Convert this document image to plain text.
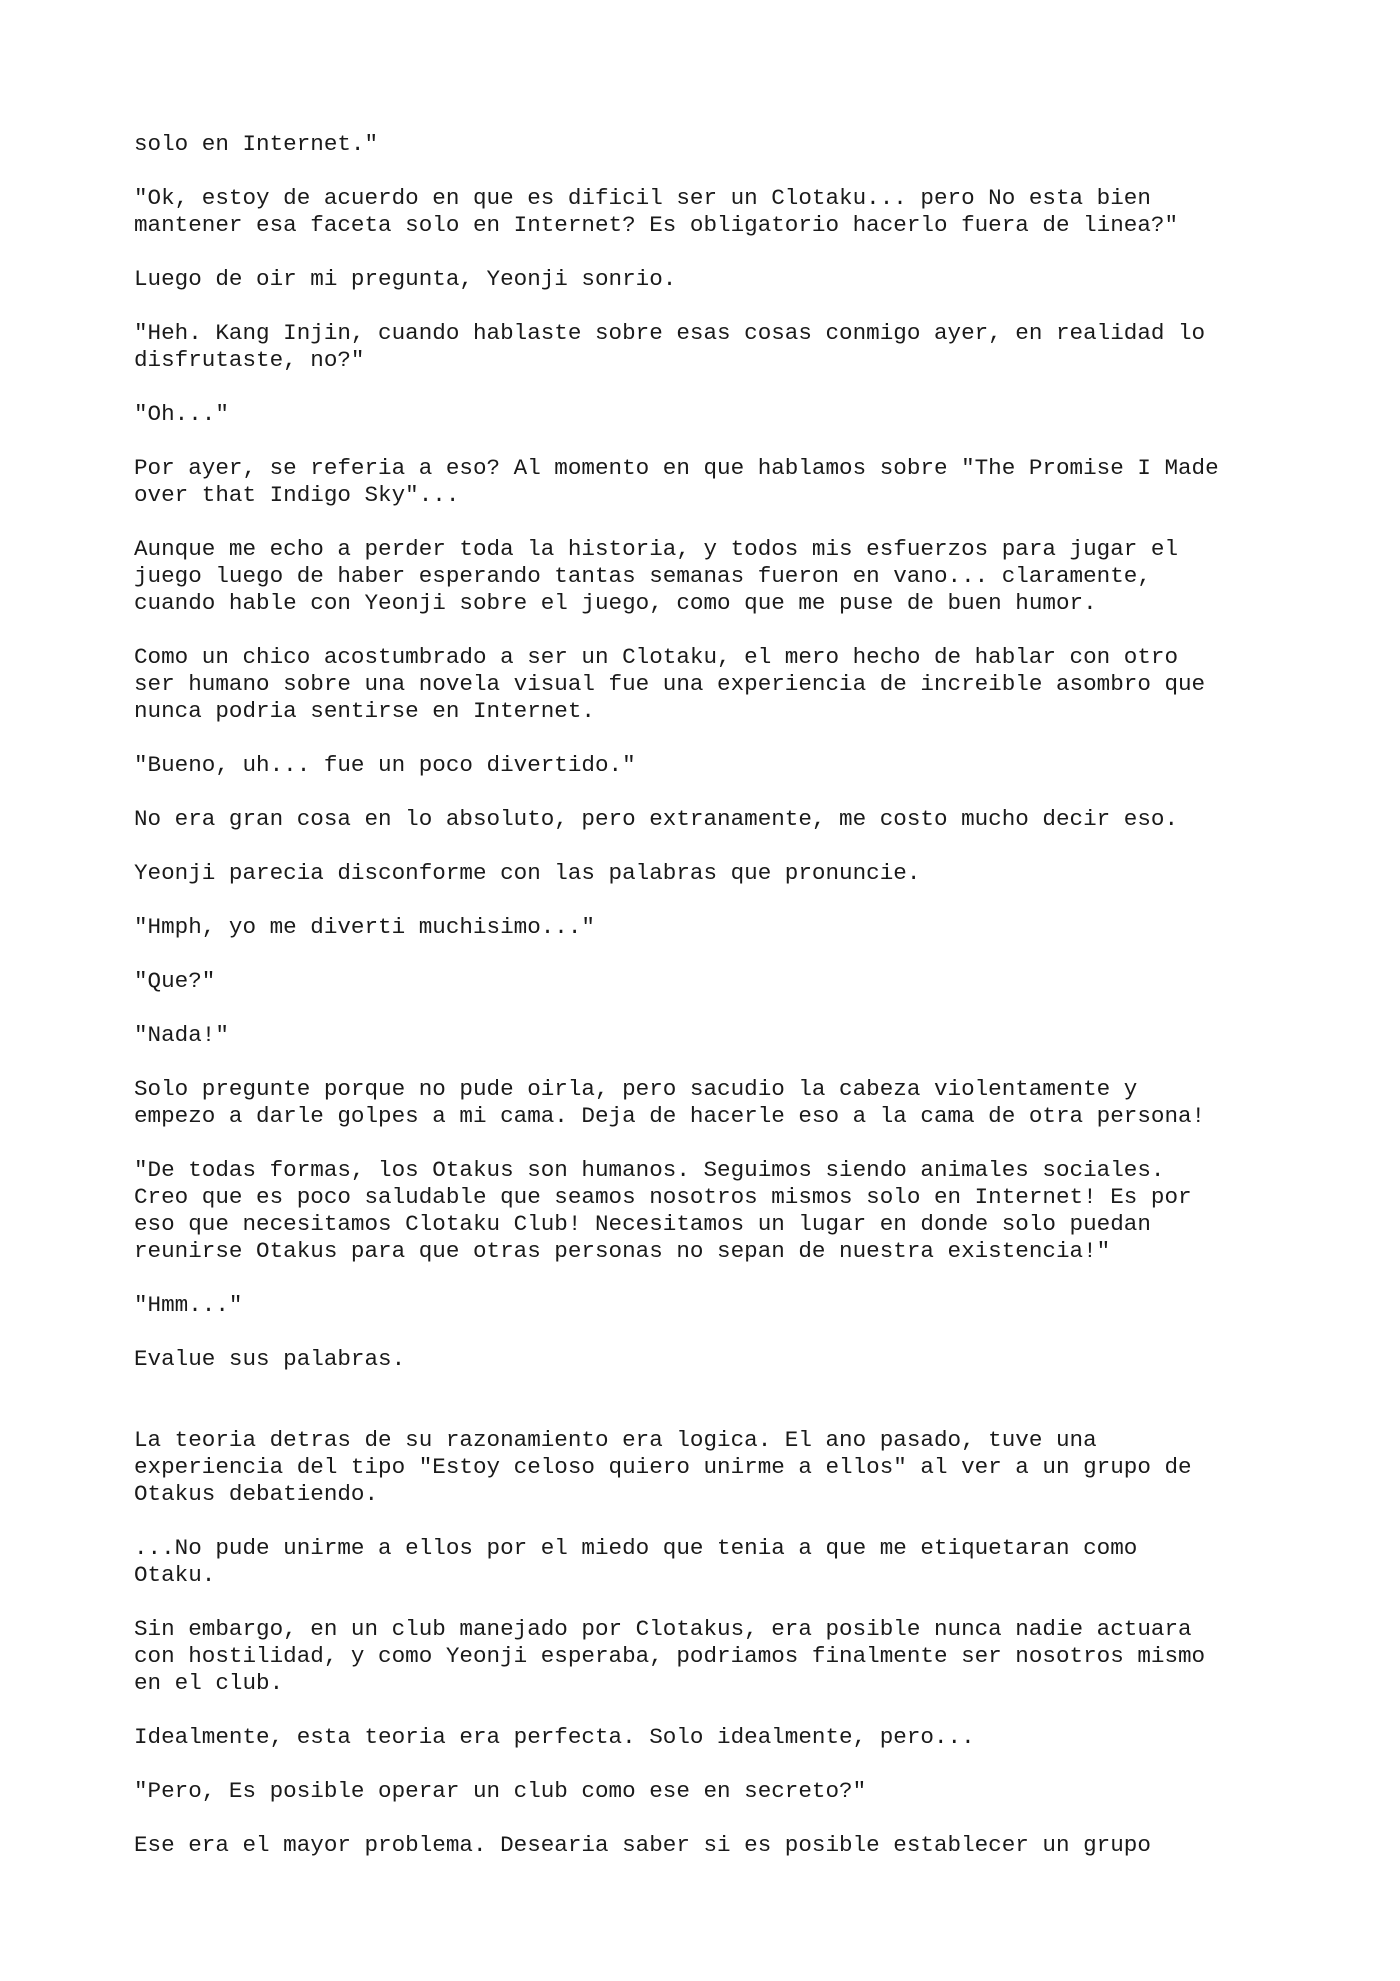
solo en Internet."

"Ok, estoy de acuerdo en que es dificil ser un Clotaku... pero No esta bien
mantener esa faceta solo en Internet? Es obligatorio hacerlo fuera de linea?"

Luego de oir mi pregunta, Yeonji sonrio.

"Heh. Kang Injin, cuando hablaste sobre esas cosas conmigo ayer, en realidad lo
disfrutaste, no?"

"Oh..."

Por ayer, se referia a eso? Al momento en que hablamos sobre "The Promise I Made
over that Indigo Sky"...

Aunque me echo a perder toda la historia, y todos mis esfuerzos para jugar el
juego luego de haber esperando tantas semanas fueron en vano... claramente,
cuando hable con Yeonji sobre el juego, como que me puse de buen humor.

Como un chico acostumbrado a ser un Clotaku, el mero hecho de hablar con otro
ser humano sobre una novela visual fue una experiencia de increible asombro que
nunca podria sentirse en Internet.

"Bueno, uh... fue un poco divertido."

No era gran cosa en lo absoluto, pero extranamente, me costo mucho decir eso.

Yeonji parecia disconforme con las palabras que pronuncie.

"Hmph, yo me diverti muchisimo..."

"Que?"

"Nada!"

Solo pregunte porque no pude oirla, pero sacudio la cabeza violentamente y
empezo a darle golpes a mi cama. Deja de hacerle eso a la cama de otra persona!

"De todas formas, los Otakus son humanos. Seguimos siendo animales sociales.
Creo que es poco saludable que seamos nosotros mismos solo en Internet! Es por
eso que necesitamos Clotaku Club! Necesitamos un lugar en donde solo puedan
reunirse Otakus para que otras personas no sepan de nuestra existencia!"

"Hmm..."

Evalue sus palabras.

La teoria detras de su razonamiento era logica. El ano pasado, tuve una
experiencia del tipo "Estoy celoso quiero unirme a ellos" al ver a un grupo de
Otakus debatiendo.

...No pude unirme a ellos por el miedo que tenia a que me etiquetaran como
Otaku.

Sin embargo, en un club manejado por Clotakus, era posible nunca nadie actuara
con hostilidad, y como Yeonji esperaba, podriamos finalmente ser nosotros mismo
en el club.

Idealmente, esta teoria era perfecta. Solo idealmente, pero...

"Pero, Es posible operar un club como ese en secreto?"

Ese era el mayor problema. Desearia saber si es posible establecer un grupo
